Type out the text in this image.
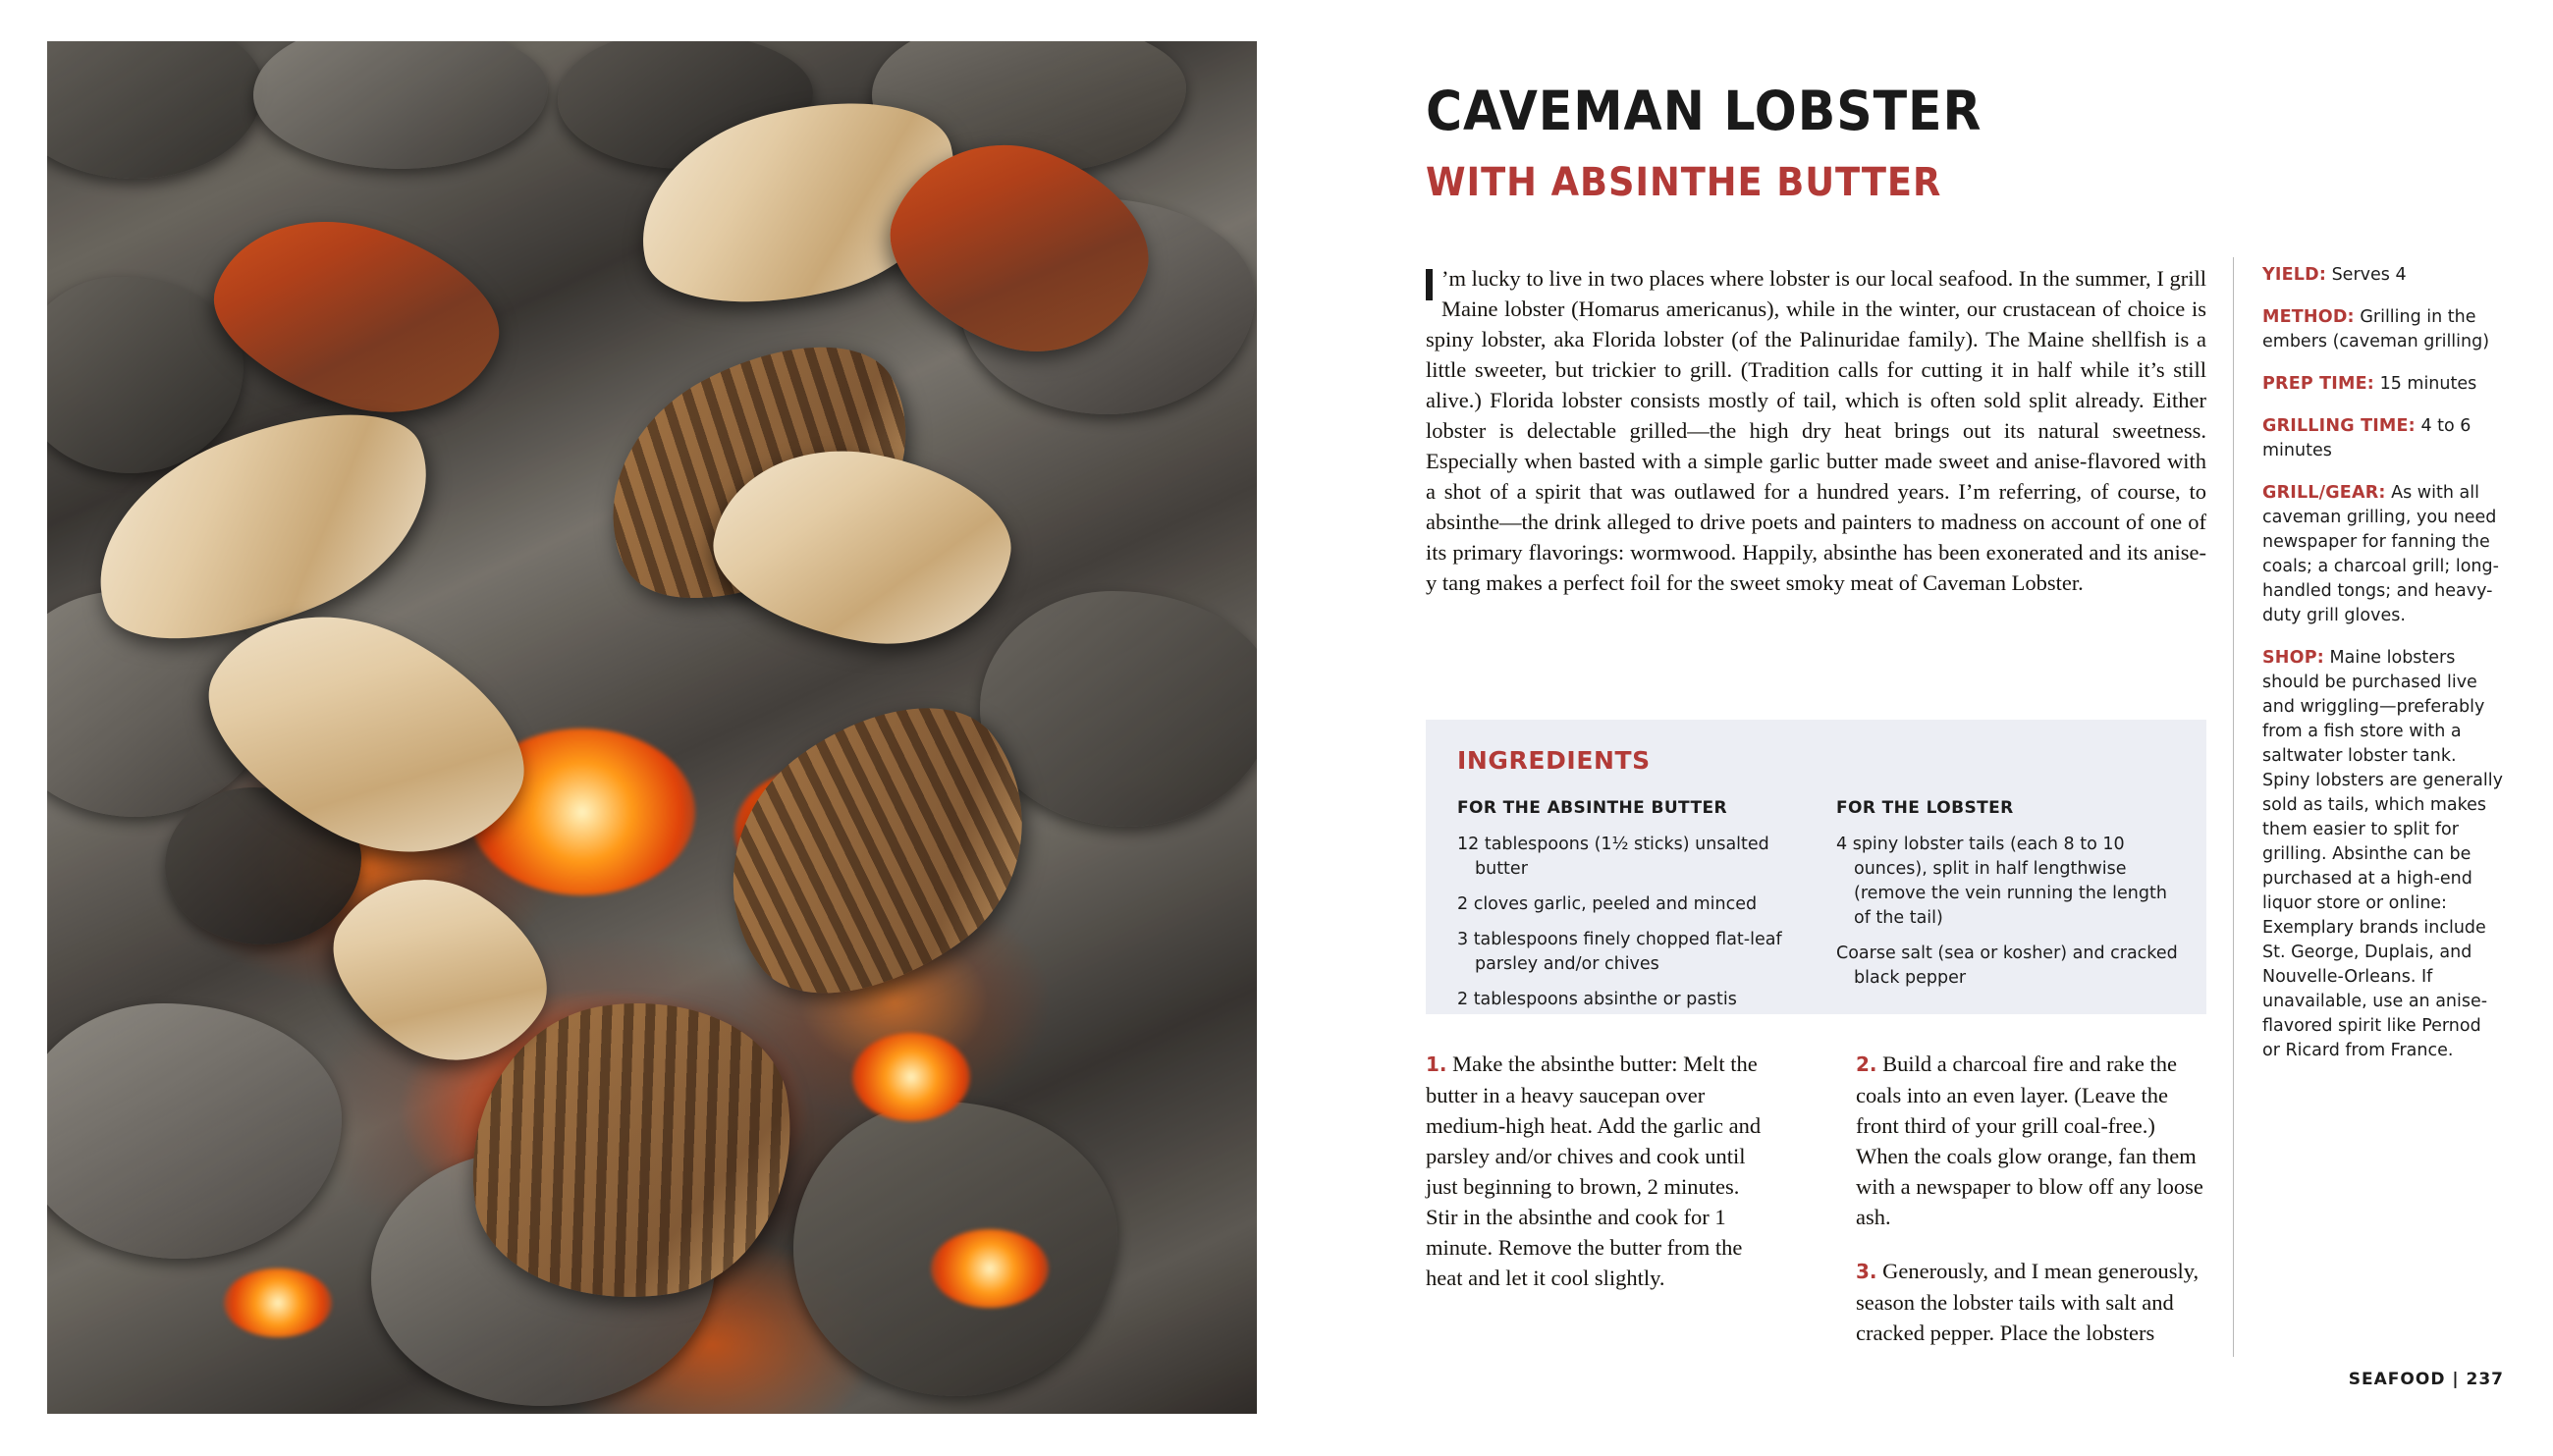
CAVEMAN LOBSTER
WITH ABSINTHE BUTTER
’m lucky to live in two places where lobster is our local seafood. In the summer, I grill Maine lobster (Homarus americanus), while in the winter, our crustacean of choice is spiny lobster, aka Florida lobster (of the Palinuridae family). The Maine shellfish is a little sweeter, but trickier to grill. (Tradition calls for cutting it in half while it’s still alive.) Florida lobster consists mostly of tail, which is often sold split already. Either lobster is delectable grilled—the high dry heat brings out its natural sweetness. Especially when basted with a simple garlic butter made sweet and anise-flavored with a shot of a spirit that was outlawed for a hundred years. I’m referring, of course, to absinthe—the drink alleged to drive poets and painters to madness on account of one of its primary flavorings: wormwood. Happily, absinthe has been exonerated and its anise-y tang makes a perfect foil for the sweet smoky meat of Caveman Lobster.

YIELD: Serves 4

METHOD: Grilling in the embers (caveman grilling)

PREP TIME: 15 minutes

GRILLING TIME: 4 to 6 minutes

GRILL/GEAR: As with all caveman grilling, you need newspaper for fanning the coals; a charcoal grill; long-handled tongs; and heavy-duty grill gloves.

SHOP: Maine lobsters should be purchased live and wriggling—preferably from a fish store with a saltwater lobster tank. Spiny lobsters are generally sold as tails, which makes them easier to split for grilling. Absinthe can be purchased at a high-end liquor store or online: Exemplary brands include St. George, Duplais, and Nouvelle-Orleans. If unavailable, use an anise-flavored spirit like Pernod or Ricard from France.

INGREDIENTS
FOR THE ABSINTHE BUTTER
12 tablespoons (1½ sticks) unsalted butter
2 cloves garlic, peeled and minced
3 tablespoons finely chopped flat-leaf parsley and/or chives
2 tablespoons absinthe or pastis
FOR THE LOBSTER
4 spiny lobster tails (each 8 to 10 ounces), split in half lengthwise (remove the vein running the length of the tail)
Coarse salt (sea or kosher) and cracked black pepper

1. Make the absinthe butter: Melt the butter in a heavy saucepan over medium-high heat. Add the garlic and parsley and/or chives and cook until just beginning to brown, 2 minutes. Stir in the absinthe and cook for 1 minute. Remove the butter from the heat and let it cool slightly.

2. Build a charcoal fire and rake the coals into an even layer. (Leave the front third of your grill coal-free.) When the coals glow orange, fan them with a newspaper to blow off any loose ash.

3. Generously, and I mean generously, season the lobster tails with salt and cracked pepper. Place the lobsters

SEAFOOD | 237
